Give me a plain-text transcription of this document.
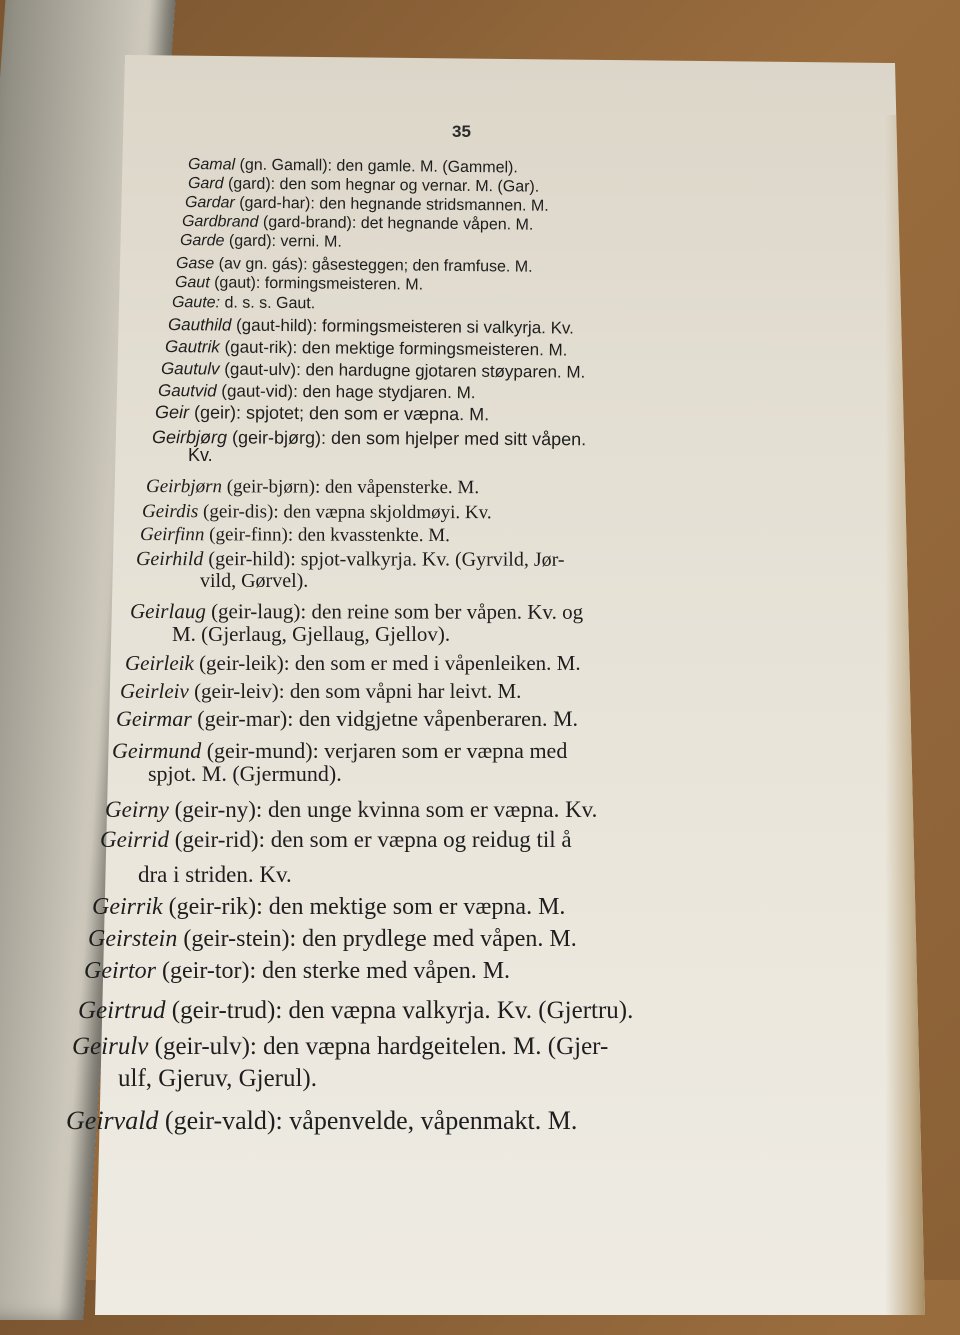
35
Gamal (gn. Gamall): den gamle. M. (Gammel).
Gard (gard): den som hegnar og vernar. M. (Gar).
Gardar (gard-har): den hegnande stridsmannen. M.
Gardbrand (gard-brand): det hegnande våpen. M.
Garde (gard): verni. M.
Gase (av gn. gás): gåsesteggen; den framfuse. M.
Gaut (gaut): formingsmeisteren. M.
Gaute: d. s. s. Gaut.
Gauthild (gaut-hild): formingsmeisteren si valkyrja. Kv.
Gautrik (gaut-rik): den mektige formingsmeisteren. M.
Gautulv (gaut-ulv): den hardugne gjotaren støyparen. M.
Gautvid (gaut-vid): den hage stydjaren. M.
Geir (geir): spjotet; den som er væpna. M.
Geirbjørg (geir-bjørg): den som hjelper med sitt våpen.
Kv.
Geirbjørn (geir-bjørn): den våpensterke. M.
Geirdis (geir-dis): den væpna skjoldmøyi. Kv.
Geirfinn (geir-finn): den kvasstenkte. M.
Geirhild (geir-hild): spjot-valkyrja. Kv. (Gyrvild, Jør-
vild, Gørvel).
Geirlaug (geir-laug): den reine som ber våpen. Kv. og
M. (Gjerlaug, Gjellaug, Gjellov).
Geirleik (geir-leik): den som er med i våpenleiken. M.
Geirleiv (geir-leiv): den som våpni har leivt. M.
Geirmar (geir-mar): den vidgjetne våpenberaren. M.
Geirmund (geir-mund): verjaren som er væpna med
spjot. M. (Gjermund).
Geirny (geir-ny): den unge kvinna som er væpna. Kv.
Geirrid (geir-rid): den som er væpna og reidug til å
dra i striden. Kv.
Geirrik (geir-rik): den mektige som er væpna. M.
Geirstein (geir-stein): den prydlege med våpen. M.
Geirtor (geir-tor): den sterke med våpen. M.
Geirtrud (geir-trud): den væpna valkyrja. Kv. (Gjertru).
Geirulv (geir-ulv): den væpna hardgeitelen. M. (Gjer-
ulf, Gjeruv, Gjerul).
Geirvald (geir-vald): våpenvelde, våpenmakt. M.
